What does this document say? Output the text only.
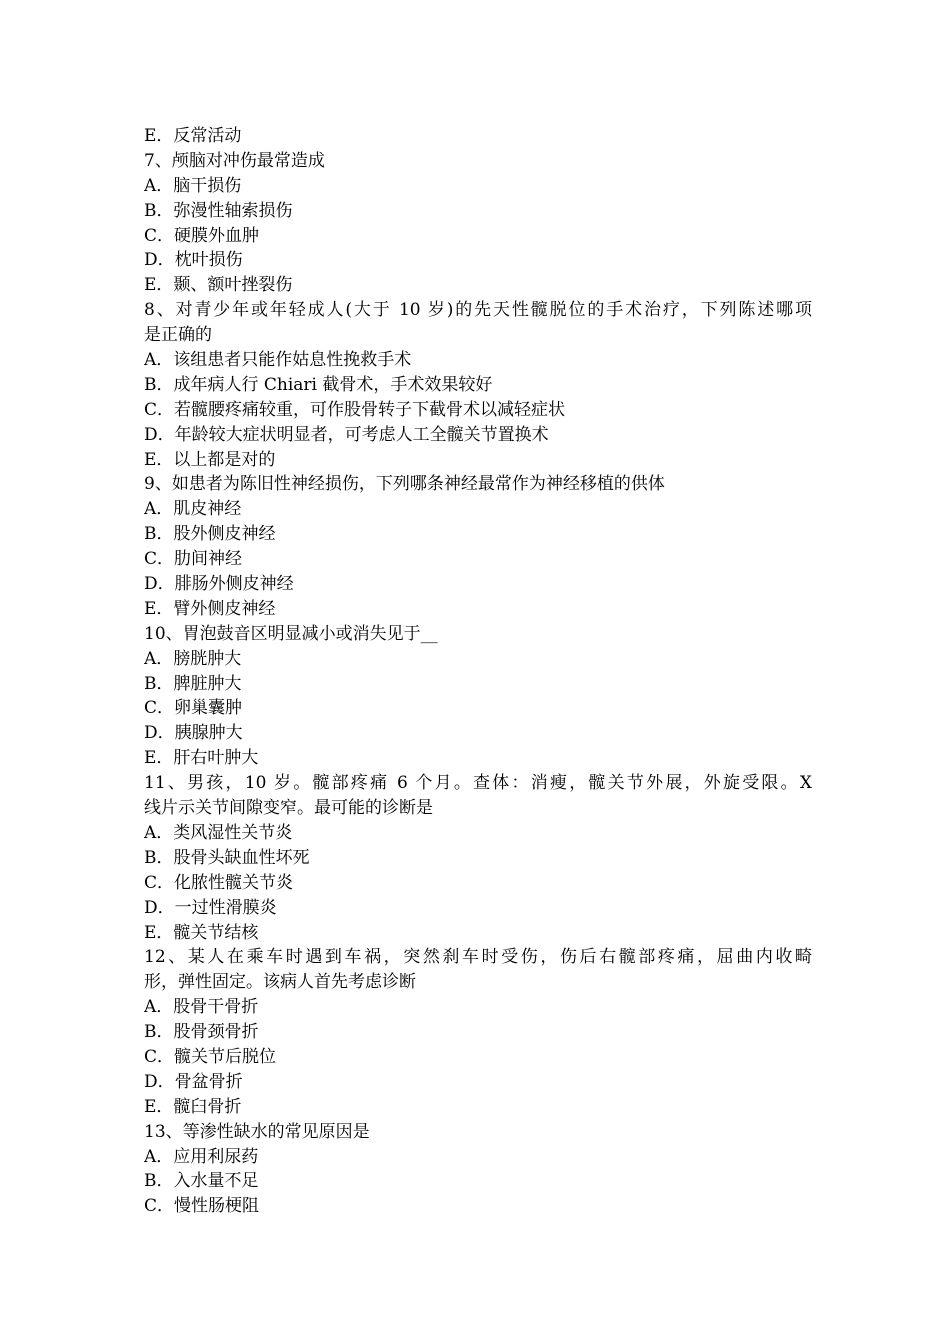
E．反常活动
7、颅脑对冲伤最常造成
A．脑干损伤
B．弥漫性轴索损伤
C．硬膜外血肿
D．枕叶损伤
E．颞、额叶挫裂伤
8、对青少年或年轻成人(大于 10 岁)的先天性髋脱位的手术治疗，下列陈述哪项
是正确的
A．该组患者只能作姑息性挽救手术
B．成年病人行 Chiari 截骨术，手术效果较好
C．若髋腰疼痛较重，可作股骨转子下截骨术以减轻症状
D．年龄较大症状明显者，可考虑人工全髋关节置换术
E．以上都是对的
9、如患者为陈旧性神经损伤，下列哪条神经最常作为神经移植的供体
A．肌皮神经
B．股外侧皮神经
C．肋间神经
D．腓肠外侧皮神经
E．臂外侧皮神经
10、胃泡鼓音区明显减小或消失见于__
A．膀胱肿大
B．脾脏肿大
C．卵巢囊肿
D．胰腺肿大
E．肝右叶肿大
11、男孩，10 岁。髋部疼痛 6 个月。查体：消瘦，髋关节外展，外旋受限。X
线片示关节间隙变窄。最可能的诊断是
A．类风湿性关节炎
B．股骨头缺血性坏死
C．化脓性髋关节炎
D．一过性滑膜炎
E．髋关节结核
12、某人在乘车时遇到车祸，突然刹车时受伤，伤后右髋部疼痛，屈曲内收畸
形，弹性固定。该病人首先考虑诊断
A．股骨干骨折
B．股骨颈骨折
C．髋关节后脱位
D．骨盆骨折
E．髋臼骨折
13、等渗性缺水的常见原因是
A．应用利尿药
B．入水量不足
C．慢性肠梗阻
